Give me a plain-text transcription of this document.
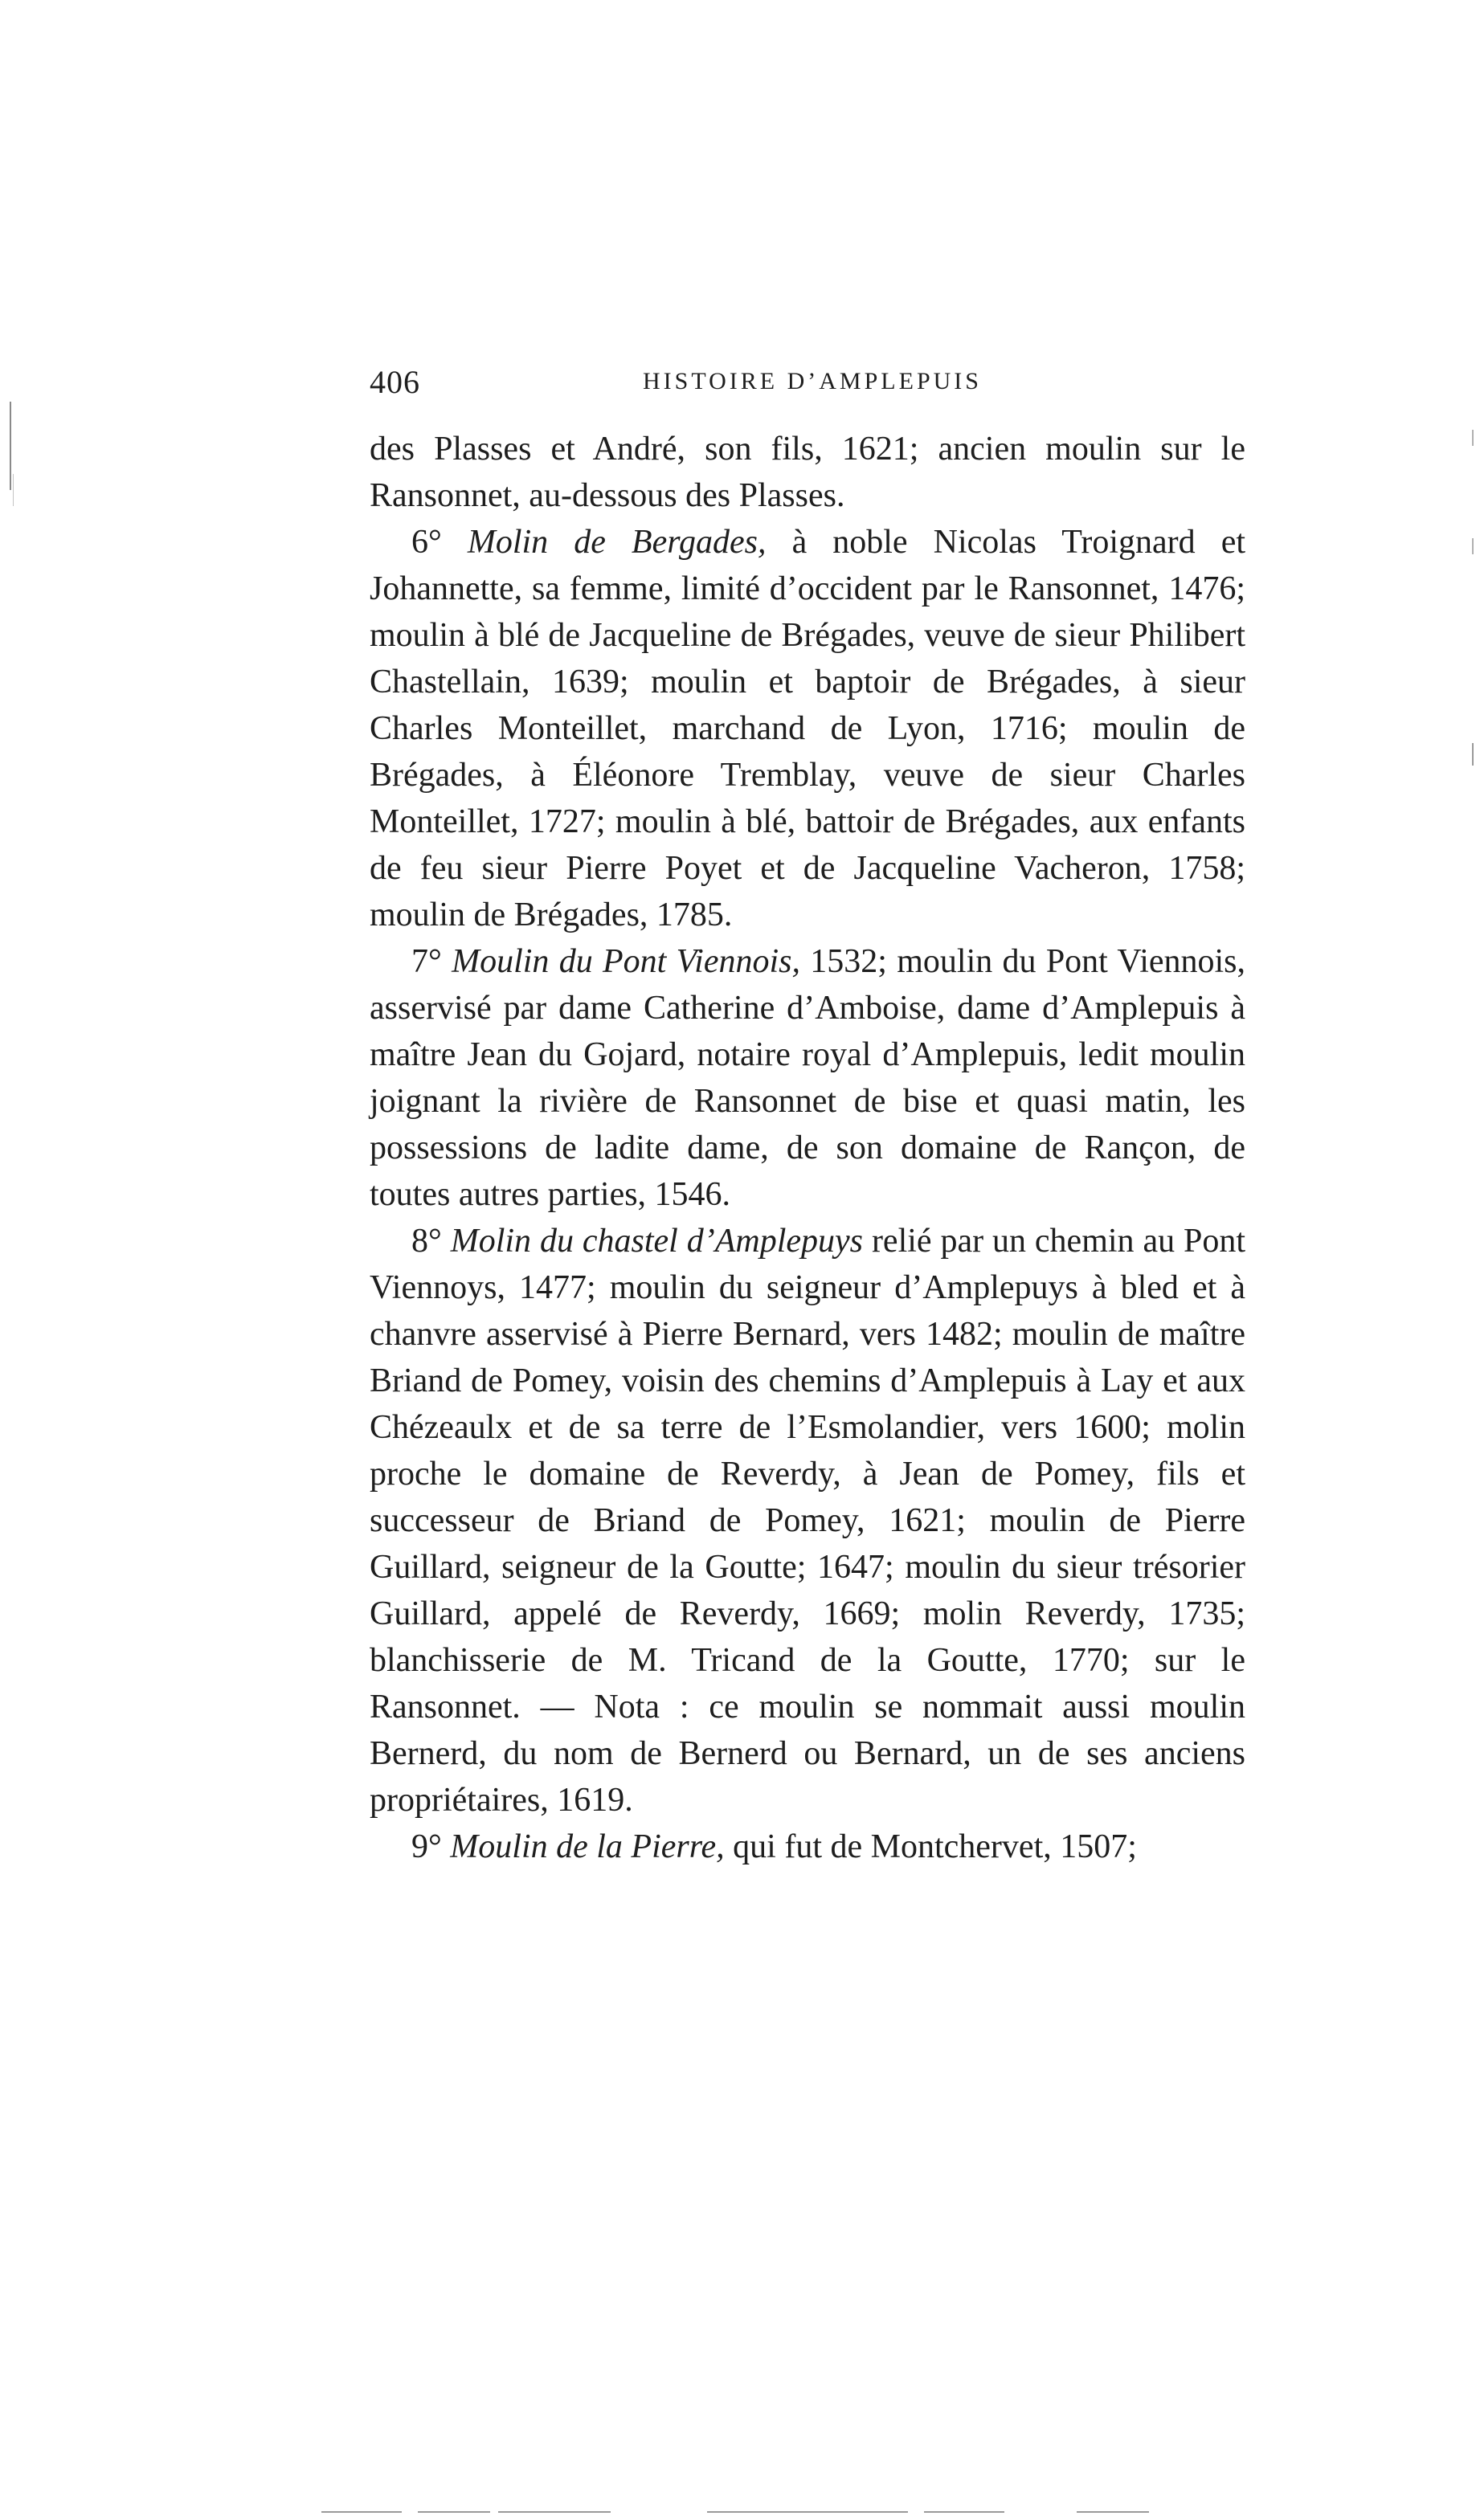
406	HISTOIRE D’AMPLEPUIS

des Plasses et André, son fils, 1621; ancien moulin sur le Ransonnet, au-dessous des Plasses.

6° Molin de Bergades, à noble Nicolas Troignard et Johannette, sa femme, limité d’occident par le Ransonnet, 1476; moulin à blé de Jacqueline de Brégades, veuve de sieur Philibert Chastellain, 1639; moulin et baptoir de Brégades, à sieur Charles Monteillet, marchand de Lyon, 1716; moulin de Brégades, à Éléonore Tremblay, veuve de sieur Charles Monteillet, 1727; moulin à blé, battoir de Brégades, aux enfants de feu sieur Pierre Poyet et de Jacqueline Vacheron, 1758; moulin de Brégades, 1785.

7° Moulin du Pont Viennois, 1532; moulin du Pont Viennois, asservisé par dame Catherine d’Amboise, dame d’Amplepuis à maître Jean du Gojard, notaire royal d’Amplepuis, ledit moulin joignant la rivière de Ransonnet de bise et quasi matin, les possessions de ladite dame, de son domaine de Rançon, de toutes autres parties, 1546.

8° Molin du chastel d’Amplepuys relié par un chemin au Pont Viennoys, 1477; moulin du seigneur d’Amplepuys à bled et à chanvre asservisé à Pierre Bernard, vers 1482; moulin de maître Briand de Pomey, voisin des chemins d’Amplepuis à Lay et aux Chézeaulx et de sa terre de l’Esmolandier, vers 1600; molin proche le domaine de Reverdy, à Jean de Pomey, fils et successeur de Briand de Pomey, 1621; moulin de Pierre Guillard, seigneur de la Goutte; 1647; moulin du sieur trésorier Guillard, appelé de Reverdy, 1669; molin Reverdy, 1735; blanchisserie de M. Tricand de la Goutte, 1770; sur le Ransonnet. — Nota : ce moulin se nommait aussi moulin Bernerd, du nom de Bernerd ou Bernard, un de ses anciens propriétaires, 1619.

9° Moulin de la Pierre, qui fut de Montchervet, 1507;
